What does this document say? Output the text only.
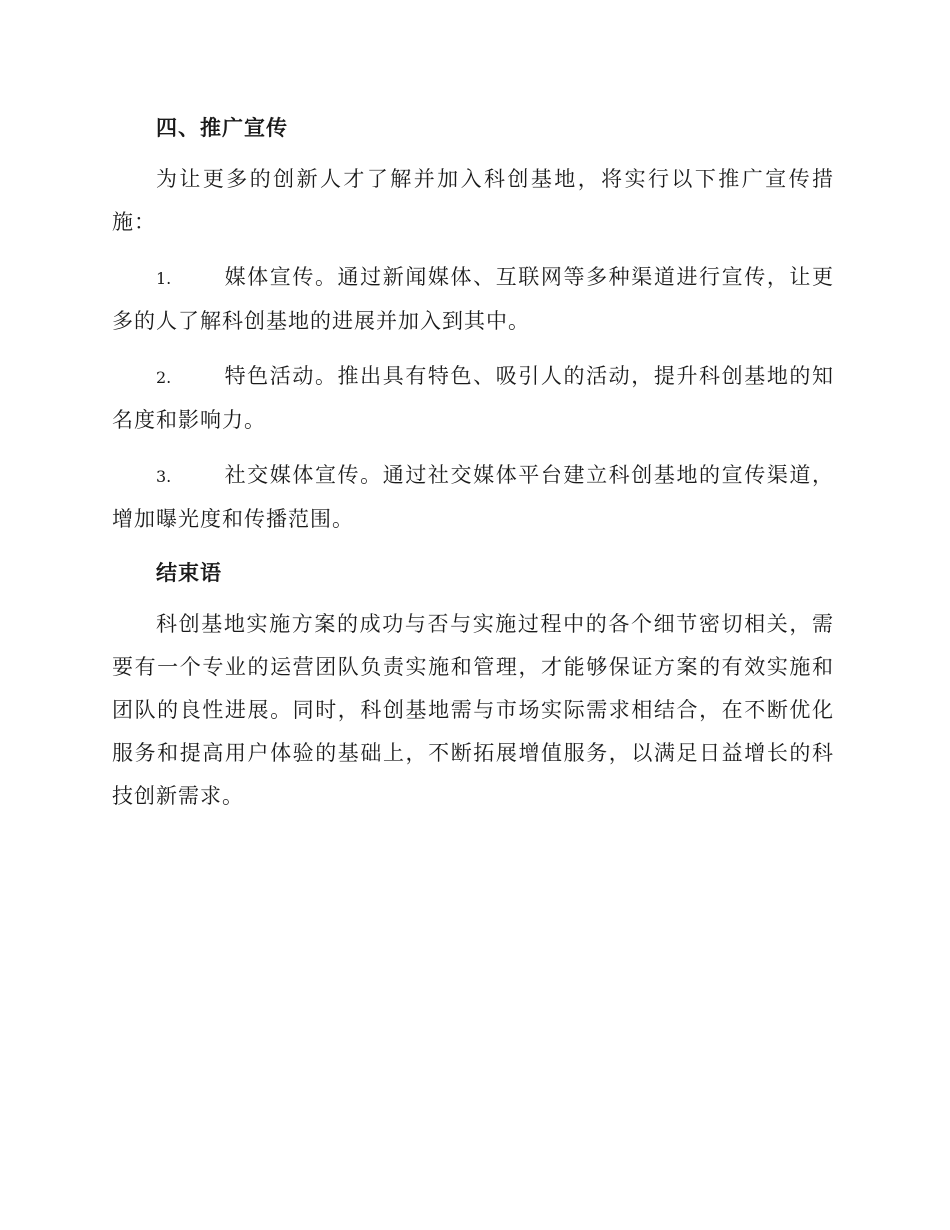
四、推广宣传

为让更多的创新人才了解并加入科创基地，将实行以下推广宣传措施：

1.	媒体宣传。通过新闻媒体、互联网等多种渠道进行宣传，让更多的人了解科创基地的进展并加入到其中。

2.	特色活动。推出具有特色、吸引人的活动，提升科创基地的知名度和影响力。

3.	社交媒体宣传。通过社交媒体平台建立科创基地的宣传渠道，增加曝光度和传播范围。

结束语

科创基地实施方案的成功与否与实施过程中的各个细节密切相关，需要有一个专业的运营团队负责实施和管理，才能够保证方案的有效实施和团队的良性进展。同时，科创基地需与市场实际需求相结合，在不断优化服务和提高用户体验的基础上，不断拓展增值服务，以满足日益增长的科技创新需求。
